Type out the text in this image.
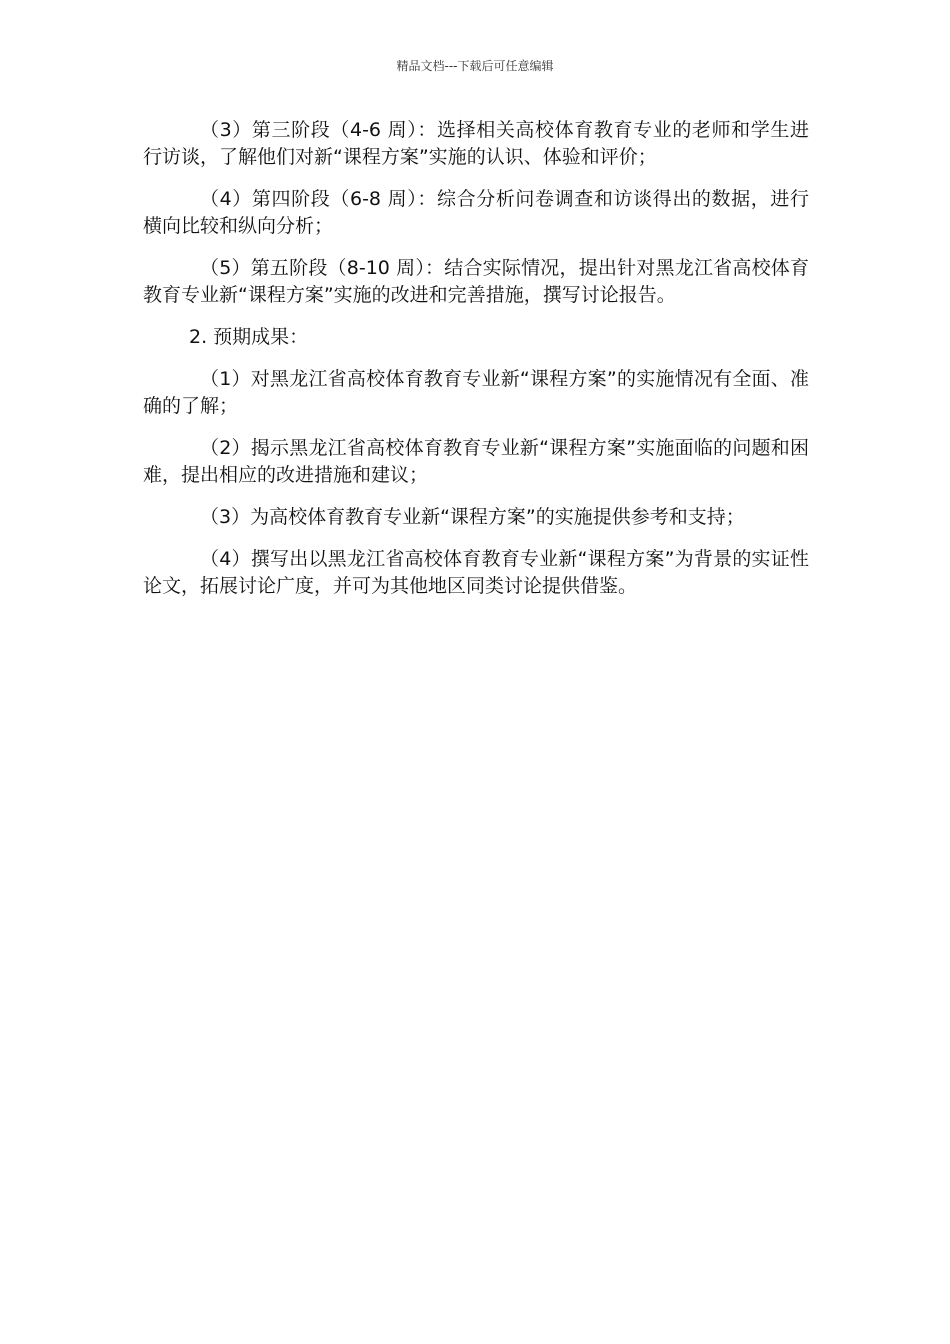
精品文档---下载后可任意编辑

（3）第三阶段（4-6 周）：选择相关高校体育教育专业的老师和学生进行访谈，了解他们对新“课程方案”实施的认识、体验和评价；

（4）第四阶段（6-8 周）：综合分析问卷调查和访谈得出的数据，进行横向比较和纵向分析；

（5）第五阶段（8-10 周）：结合实际情况，提出针对黑龙江省高校体育教育专业新“课程方案”实施的改进和完善措施，撰写讨论报告。

2. 预期成果：

（1）对黑龙江省高校体育教育专业新“课程方案”的实施情况有全面、准确的了解；

（2）揭示黑龙江省高校体育教育专业新“课程方案”实施面临的问题和困难，提出相应的改进措施和建议；

（3）为高校体育教育专业新“课程方案”的实施提供参考和支持；

（4）撰写出以黑龙江省高校体育教育专业新“课程方案”为背景的实证性论文，拓展讨论广度，并可为其他地区同类讨论提供借鉴。
